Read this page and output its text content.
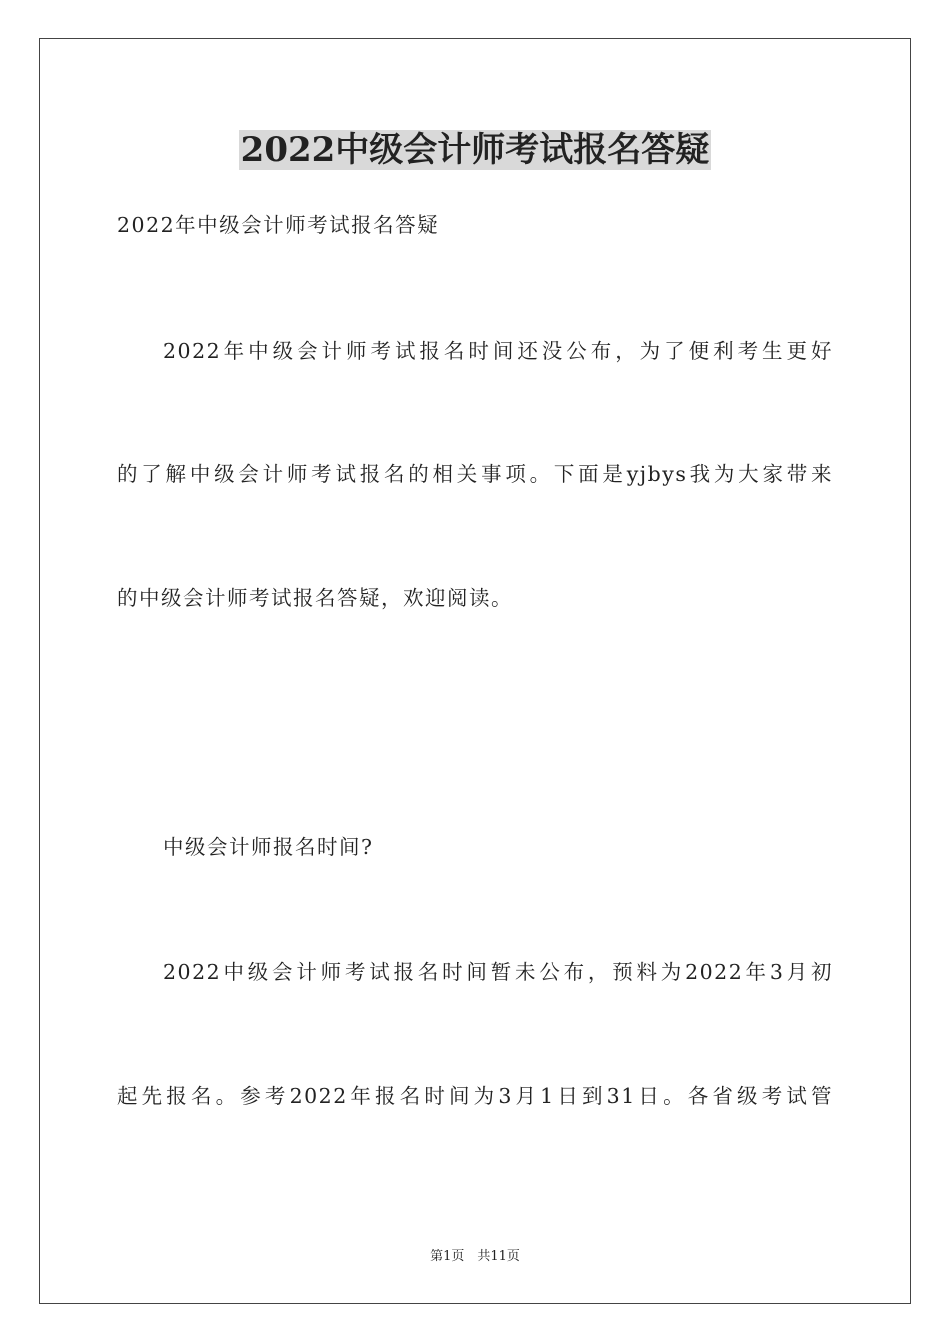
2022中级会计师考试报名答疑
2022年中级会计师考试报名答疑
2022年中级会计师考试报名时间还没公布，为了便利考生更好
的了解中级会计师考试报名的相关事项。下面是yjbys我为大家带来
的中级会计师考试报名答疑，欢迎阅读。
中级会计师报名时间?
2022中级会计师考试报名时间暂未公布，预料为2022年3月初
起先报名。参考2022年报名时间为3月1日到31日。各省级考试管
第1页　共11页
